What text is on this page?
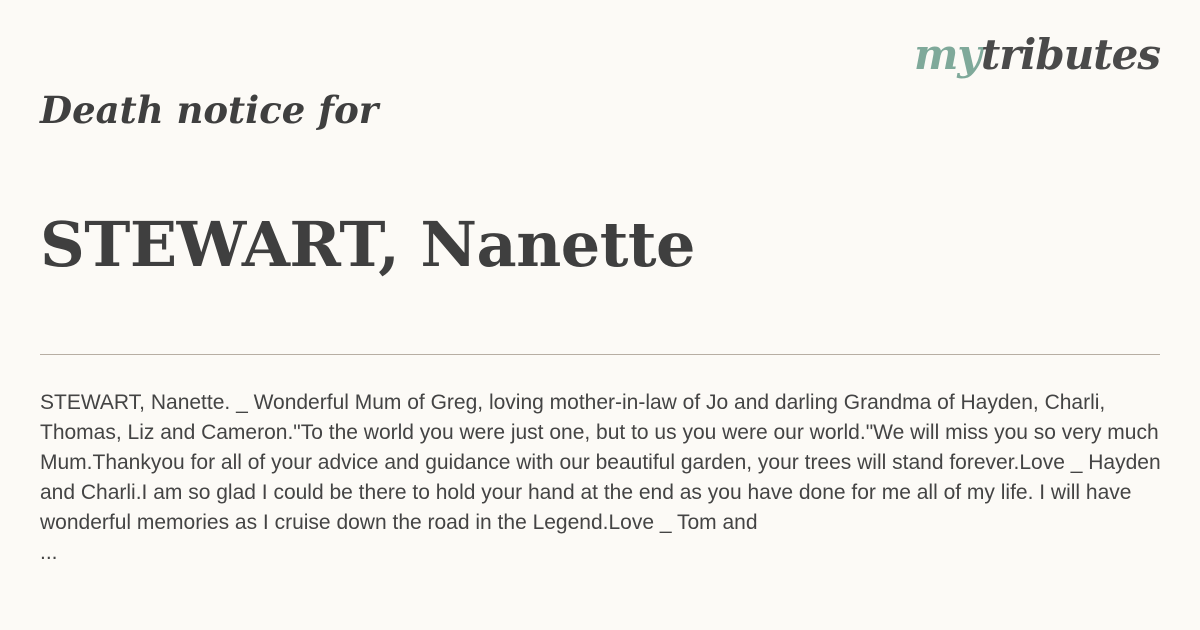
mytributes
Death notice for
STEWART, Nanette

STEWART, Nanette. _ Wonderful Mum of Greg, loving mother-in-law of Jo and darling Grandma of Hayden, Charli, Thomas, Liz and Cameron."To the world you were just one, but to us you were our world."We will miss you so very much Mum.Thankyou for all of your advice and guidance with our beautiful garden, your trees will stand forever.Love _ Hayden and Charli.I am so glad I could be there to hold your hand at the end as you have done for me all of my life. I will have wonderful memories as I cruise down the road in the Legend.Love _ Tom and
...
